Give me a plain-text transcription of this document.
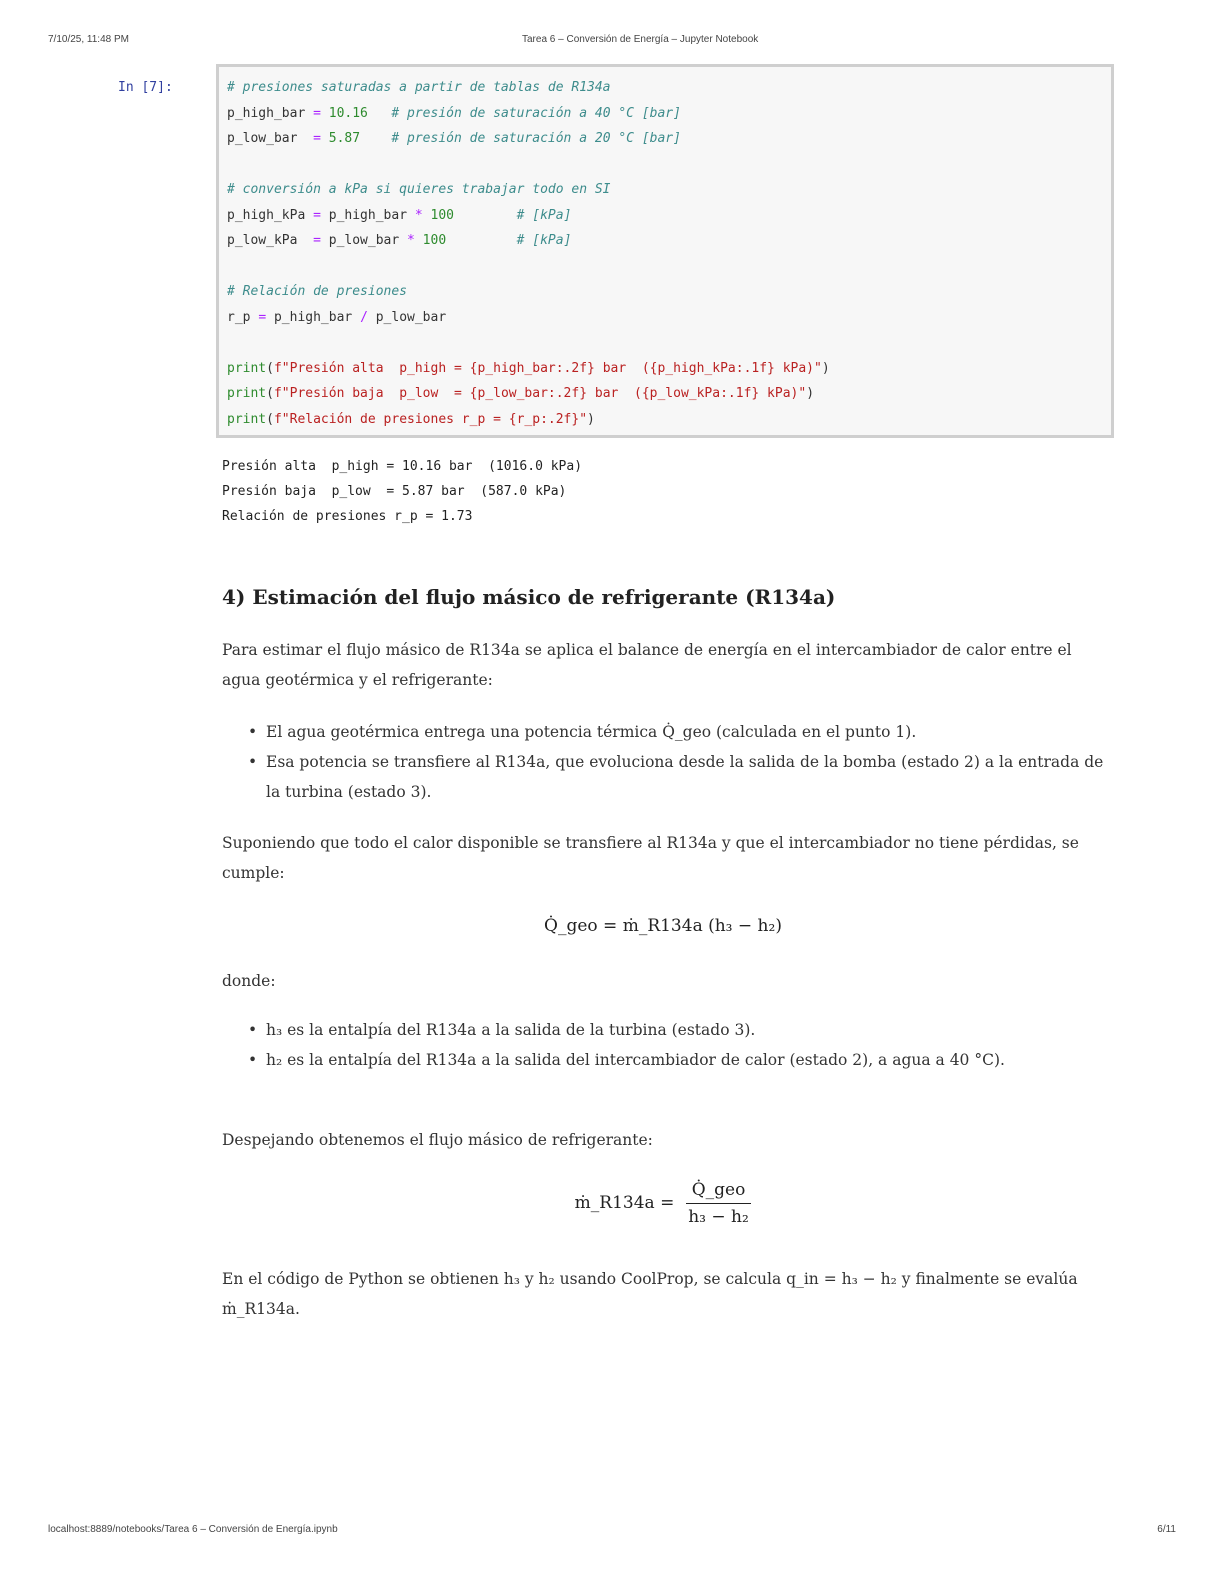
7/10/25, 11:48 PM	Tarea 6 – Conversión de Energía – Jupyter Notebook
In [7]:	# presiones saturadas a partir de tablas de R134a
p_high_bar = 10.16 # presión de saturación a 40 °C [bar]
p_low_bar  = 5.87 # presión de saturación a 20 °C [bar]
# conversión a kPa si quieres trabajar todo en SI
p_high_kPa = p_high_bar * 100	# [kPa]
p_low_kPa  = p_low_bar * 100	# [kPa]
# Relación de presiones
r_p = p_high_bar / p_low_bar
print(f"Presión alta  p_high = {p_high_bar:.2f} bar  ({p_high_kPa:.1f} kPa)")
print(f"Presión baja  p_low  = {p_low_bar:.2f} bar  ({p_low_kPa:.1f} kPa)")
print(f"Relación de presiones r_p = {r_p:.2f}")
Presión alta  p_high = 10.16 bar  (1016.0 kPa)
Presión baja  p_low  = 5.87 bar  (587.0 kPa)
Relación de presiones r_p = 1.73
4) Estimación del flujo másico de refrigerante (R134a)
Para estimar el flujo másico de R134a se aplica el balance de energía en el intercambiador de calor entre el agua geotérmica y el refrigerante:
• El agua geotérmica entrega una potencia térmica Q̇_geo (calculada en el punto 1).
• Esa potencia se transfiere al R134a, que evoluciona desde la salida de la bomba (estado 2) a la entrada de la turbina (estado 3).
Suponiendo que todo el calor disponible se transfiere al R134a y que el intercambiador no tiene pérdidas, se cumple:
Q̇_geo = ṁ_R134a (h₃ − h₂)
donde:
• h₃ es la entalpía del R134a a la salida de la turbina (estado 3).
• h₂ es la entalpía del R134a a la salida del intercambiador de calor (estado 2), a agua a 40 °C).
Despejando obtenemos el flujo másico de refrigerante:
ṁ_R134a = $\frac{\text{Q̇\_geo}}{\text{h₃ − h₂}}$
En el código de Python se obtienen h₃ y h₂ usando CoolProp, se calcula q_in = h₃ − h₂ y finalmente se evalúa ṁ_R134a.
localhost:8889/notebooks/Tarea 6 – Conversión de Energía.ipynb	6/11
